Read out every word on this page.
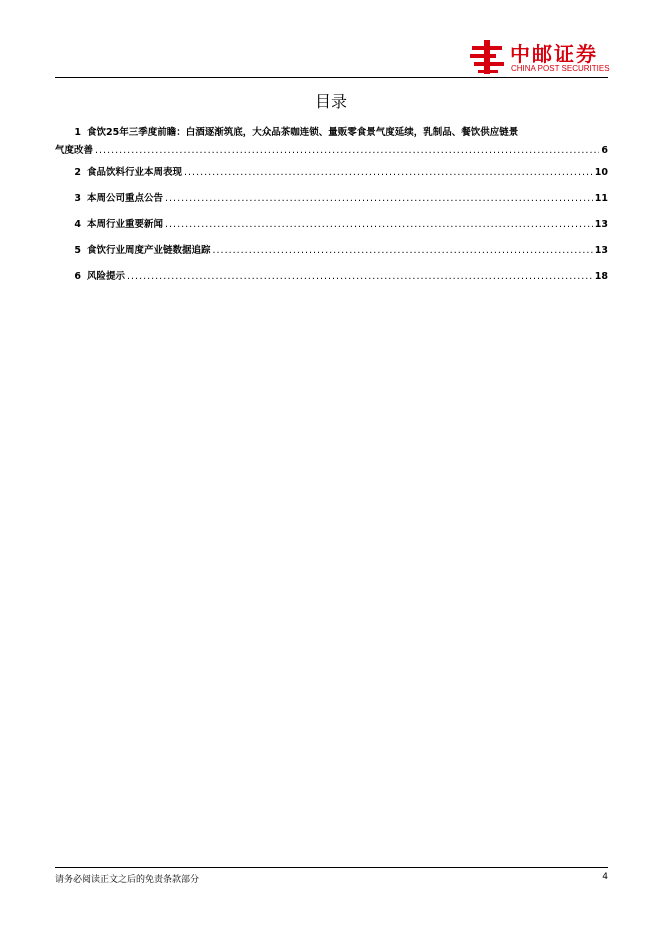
中邮证券
CHINA POST SECURITIES
目录
1 食饮25年三季度前瞻：白酒逐渐筑底，大众品茶咖连锁、量贩零食景气度延续，乳制品、餐饮供应链景
气度改善 .....	6
2 食品饮料行业本周表现 .....	10
3 本周公司重点公告 .....	11
4 本周行业重要新闻 .....	13
5 食饮行业周度产业链数据追踪 .....	13
6 风险提示 .....	18
请务必阅读正文之后的免责条款部分	4
